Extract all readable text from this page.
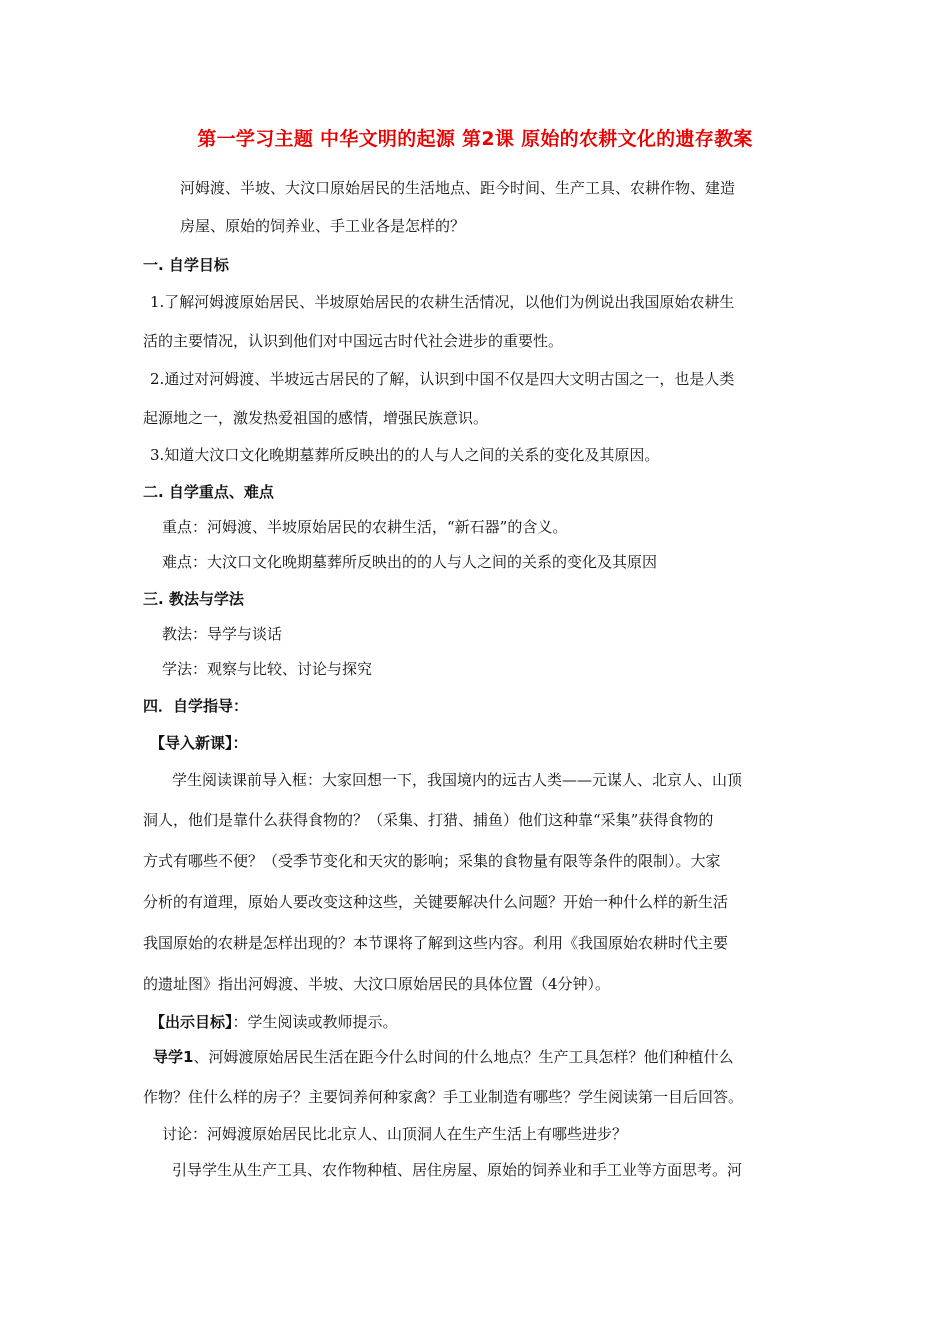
第一学习主题 中华文明的起源 第2课 原始的农耕文化的遗存教案
河姆渡、半坡、大汶口原始居民的生活地点、距今时间、生产工具、农耕作物、建造
房屋、原始的饲养业、手工业各是怎样的？
一. 自学目标
1.了解河姆渡原始居民、半坡原始居民的农耕生活情况，以他们为例说出我国原始农耕生
活的主要情况，认识到他们对中国远古时代社会进步的重要性。
2.通过对河姆渡、半坡远古居民的了解，认识到中国不仅是四大文明古国之一，也是人类
起源地之一，激发热爱祖国的感情，增强民族意识。
3.知道大汶口文化晚期墓葬所反映出的的人与人之间的关系的变化及其原因。
二. 自学重点、难点
重点：河姆渡、半坡原始居民的农耕生活，“新石器”的含义。
难点：大汶口文化晚期墓葬所反映出的的人与人之间的关系的变化及其原因
三. 教法与学法
教法：导学与谈话
学法：观察与比较、讨论与探究
四．自学指导：
【导入新课】：
学生阅读课前导入框：大家回想一下，我国境内的远古人类——元谋人、北京人、山顶
洞人，他们是靠什么获得食物的？（采集、打猎、捕鱼）他们这种靠“采集”获得食物的
方式有哪些不便？（受季节变化和天灾的影响；采集的食物量有限等条件的限制）。大家
分析的有道理，原始人要改变这种这些，关键要解决什么问题？开始一种什么样的新生活
我国原始的农耕是怎样出现的？本节课将了解到这些内容。利用《我国原始农耕时代主要
的遗址图》指出河姆渡、半坡、大汶口原始居民的具体位置（4分钟）。
【出示目标】：学生阅读或教师提示。
导学1、河姆渡原始居民生活在距今什么时间的什么地点？生产工具怎样？他们种植什么
作物？住什么样的房子？主要饲养何种家禽？手工业制造有哪些？学生阅读第一目后回答。
讨论：河姆渡原始居民比北京人、山顶洞人在生产生活上有哪些进步？
引导学生从生产工具、农作物种植、居住房屋、原始的饲养业和手工业等方面思考。河
